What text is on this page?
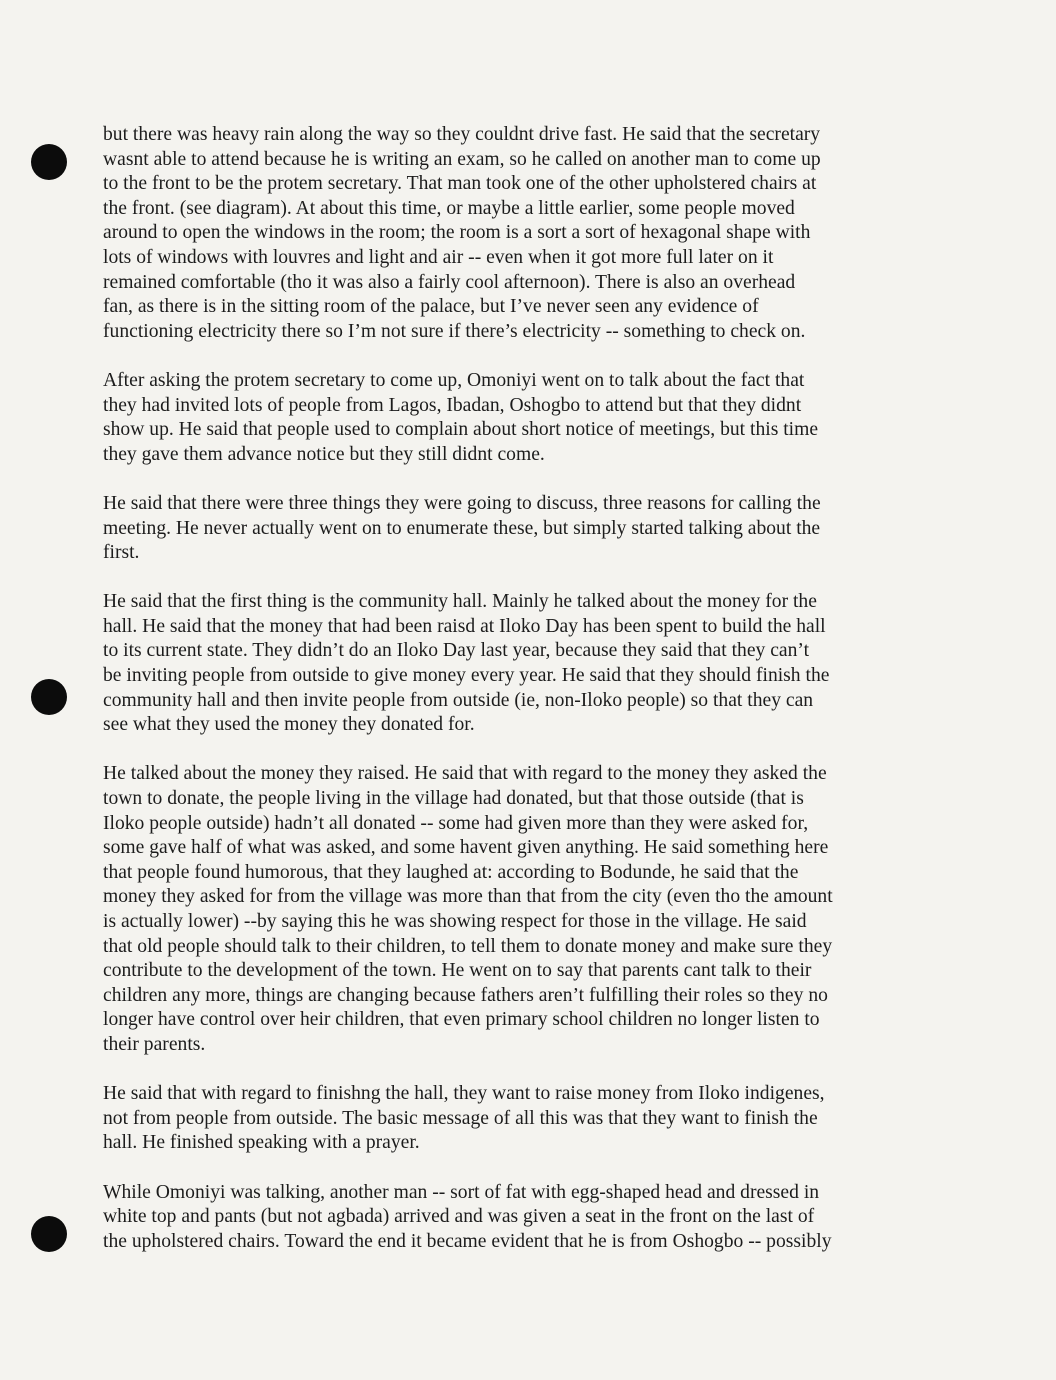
but there was heavy rain along the way so they couldnt drive fast. He said that the secretary
wasnt able to attend because he is writing an exam, so he called on another man to come up
to the front to be the protem secretary. That man took one of the other upholstered chairs at
the front. (see diagram). At about this time, or maybe a little earlier, some people moved
around to open the windows in the room; the room is a sort a sort of hexagonal shape with
lots of windows with louvres and light and air -- even when it got more full later on it
remained comfortable (tho it was also a fairly cool afternoon). There is also an overhead
fan, as there is in the sitting room of the palace, but I’ve never seen any evidence of
functioning electricity there so I’m not sure if there’s electricity -- something to check on.

After asking the protem secretary to come up, Omoniyi went on to talk about the fact that
they had invited lots of people from Lagos, Ibadan, Oshogbo to attend but that they didnt
show up. He said that people used to complain about short notice of meetings, but this time
they gave them advance notice but they still didnt come.

He said that there were three things they were going to discuss, three reasons for calling the
meeting. He never actually went on to enumerate these, but simply started talking about the
first.

He said that the first thing is the community hall. Mainly he talked about the money for the
hall. He said that the money that had been raisd at Iloko Day has been spent to build the hall
to its current state. They didn’t do an Iloko Day last year, because they said that they can’t
be inviting people from outside to give money every year. He said that they should finish the
community hall and then invite people from outside (ie, non-Iloko people) so that they can
see what they used the money they donated for.

He talked about the money they raised. He said that with regard to the money they asked the
town to donate, the people living in the village had donated, but that those outside (that is
Iloko people outside) hadn’t all donated -- some had given more than they were asked for,
some gave half of what was asked, and some havent given anything. He said something here
that people found humorous, that they laughed at: according to Bodunde, he said that the
money they asked for from the village was more than that from the city (even tho the amount
is actually lower) --by saying this he was showing respect for those in the village. He said
that old people should talk to their children, to tell them to donate money and make sure they
contribute to the development of the town. He went on to say that parents cant talk to their
children any more, things are changing because fathers aren’t fulfilling their roles so they no
longer have control over heir children, that even primary school children no longer listen to
their parents.

He said that with regard to finishng the hall, they want to raise money from Iloko indigenes,
not from people from outside. The basic message of all this was that they want to finish the
hall. He finished speaking with a prayer.

While Omoniyi was talking, another man -- sort of fat with egg-shaped head and dressed in
white top and pants (but not agbada) arrived and was given a seat in the front on the last of
the upholstered chairs. Toward the end it became evident that he is from Oshogbo -- possibly
